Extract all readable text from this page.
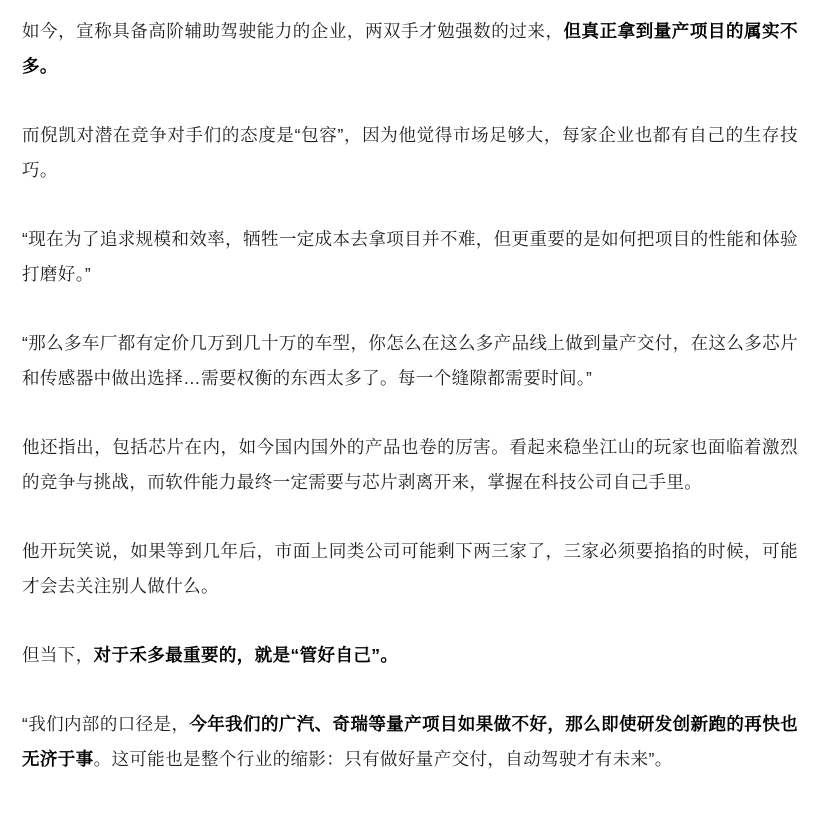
如今，宣称具备高阶辅助驾驶能力的企业，两双手才勉强数的过来，但真正拿到量产项目的属实不多。

而倪凯对潜在竞争对手们的态度是“包容”，因为他觉得市场足够大，每家企业也都有自己的生存技巧。

“现在为了追求规模和效率，牺牲一定成本去拿项目并不难，但更重要的是如何把项目的性能和体验打磨好。”

“那么多车厂都有定价几万到几十万的车型，你怎么在这么多产品线上做到量产交付，在这么多芯片和传感器中做出选择…需要权衡的东西太多了。每一个缝隙都需要时间。”

他还指出，包括芯片在内，如今国内国外的产品也卷的厉害。看起来稳坐江山的玩家也面临着激烈的竞争与挑战，而软件能力最终一定需要与芯片剥离开来，掌握在科技公司自己手里。

他开玩笑说，如果等到几年后，市面上同类公司可能剩下两三家了，三家必须要掐掐的时候，可能才会去关注别人做什么。

但当下，对于禾多最重要的，就是“管好自己”。

“我们内部的口径是，今年我们的广汽、奇瑞等量产项目如果做不好，那么即使研发创新跑的再快也无济于事。这可能也是整个行业的缩影：只有做好量产交付，自动驾驶才有未来”。
